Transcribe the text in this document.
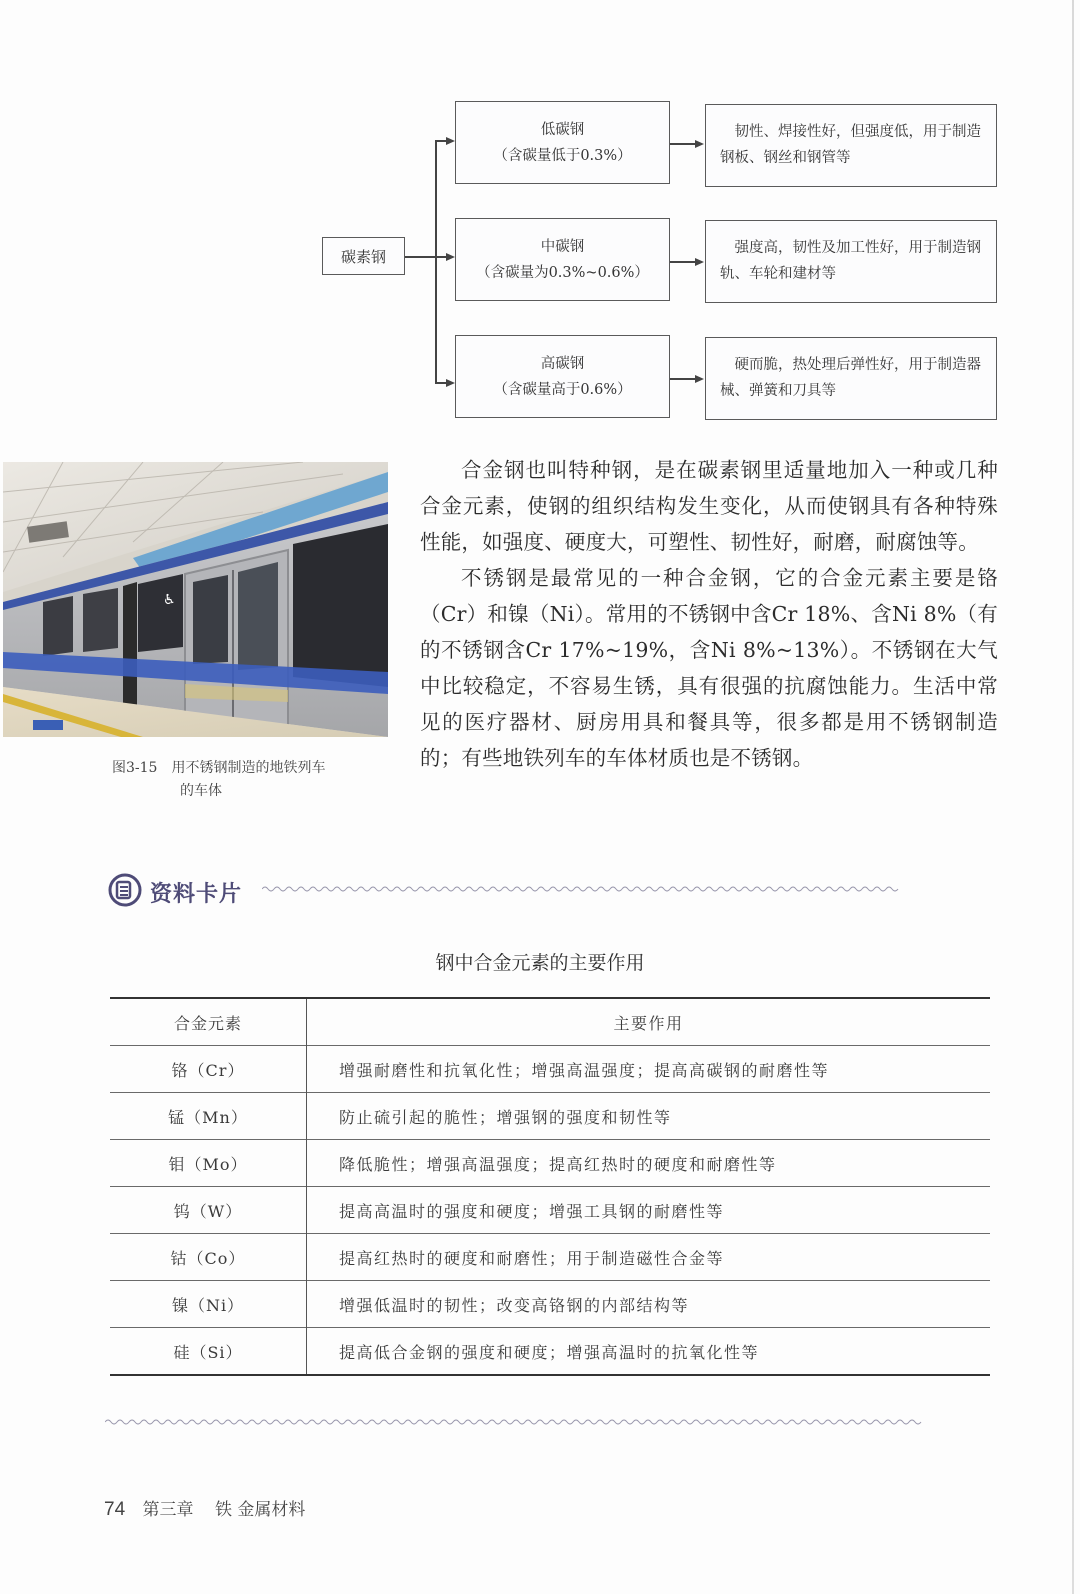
碳素钢
低碳钢
（含碳量低于0.3%）
韧性、焊接性好，但强度低，用于制造钢板、钢丝和钢管等
中碳钢
（含碳量为0.3%~0.6%）
强度高，韧性及加工性好，用于制造钢轨、车轮和建材等
高碳钢
（含碳量高于0.6%）
硬而脆，热处理后弹性好，用于制造器械、弹簧和刀具等
♿
图3-15 用不锈钢制造的地铁列车
的车体

合金钢也叫特种钢，是在碳素钢里适量地加入一种或几种合金元素，使钢的组织结构发生变化，从而使钢具有各种特殊性能，如强度、硬度大，可塑性、韧性好，耐磨，耐腐蚀等。

不锈钢是最常见的一种合金钢，它的合金元素主要是铬（Cr）和镍（Ni）。常用的不锈钢中含Cr 18%、含Ni 8%（有的不锈钢含Cr 17%~19%，含Ni 8%~13%）。不锈钢在大气中比较稳定，不容易生锈，具有很强的抗腐蚀能力。生活中常见的医疗器材、厨房用具和餐具等，很多都是用不锈钢制造的；有些地铁列车的车体材质也是不锈钢。

资料卡片
钢中合金元素的主要作用
合金元素	主要作用
铬（Cr）	增强耐磨性和抗氧化性；增强高温强度；提高高碳钢的耐磨性等
锰（Mn）	防止硫引起的脆性；增强钢的强度和韧性等
钼（Mo）	降低脆性；增强高温强度；提高红热时的硬度和耐磨性等
钨（W）	提高高温时的强度和硬度；增强工具钢的耐磨性等
钴（Co）	提高红热时的硬度和耐磨性；用于制造磁性合金等
镍（Ni）	增强低温时的韧性；改变高铬钢的内部结构等
硅（Si）	提高低合金钢的强度和硬度；增强高温时的抗氧化性等
74 第三章 铁 金属材料
